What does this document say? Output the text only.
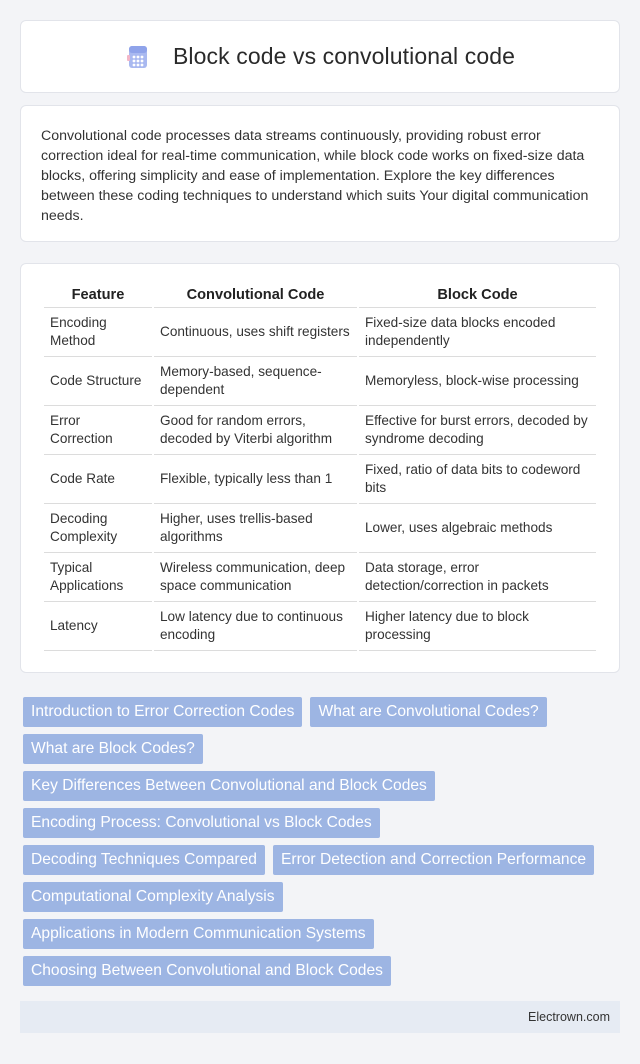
Block code vs convolutional code

Convolutional code processes data streams continuously, providing robust error correction ideal for real-time communication, while block code works on fixed-size data blocks, offering simplicity and ease of implementation. Explore the key differences between these coding techniques to understand which suits Your digital communication needs.

Feature	Convolutional Code	Block Code
Encoding Method	Continuous, uses shift registers	Fixed-size data blocks encoded independently
Code Structure	Memory-based, sequence-dependent	Memoryless, block-wise processing
Error Correction	Good for random errors, decoded by Viterbi algorithm	Effective for burst errors, decoded by syndrome decoding
Code Rate	Flexible, typically less than 1	Fixed, ratio of data bits to codeword bits
Decoding Complexity	Higher, uses trellis-based algorithms	Lower, uses algebraic methods
Typical Applications	Wireless communication, deep space communication	Data storage, error detection/correction in packets
Latency	Low latency due to continuous encoding	Higher latency due to block processing
Introduction to Error Correction Codes	What are Convolutional Codes?
What are Block Codes?
Key Differences Between Convolutional and Block Codes
Encoding Process: Convolutional vs Block Codes
Decoding Techniques Compared	Error Detection and Correction Performance
Computational Complexity Analysis
Applications in Modern Communication Systems
Choosing Between Convolutional and Block Codes
Electrown.com
